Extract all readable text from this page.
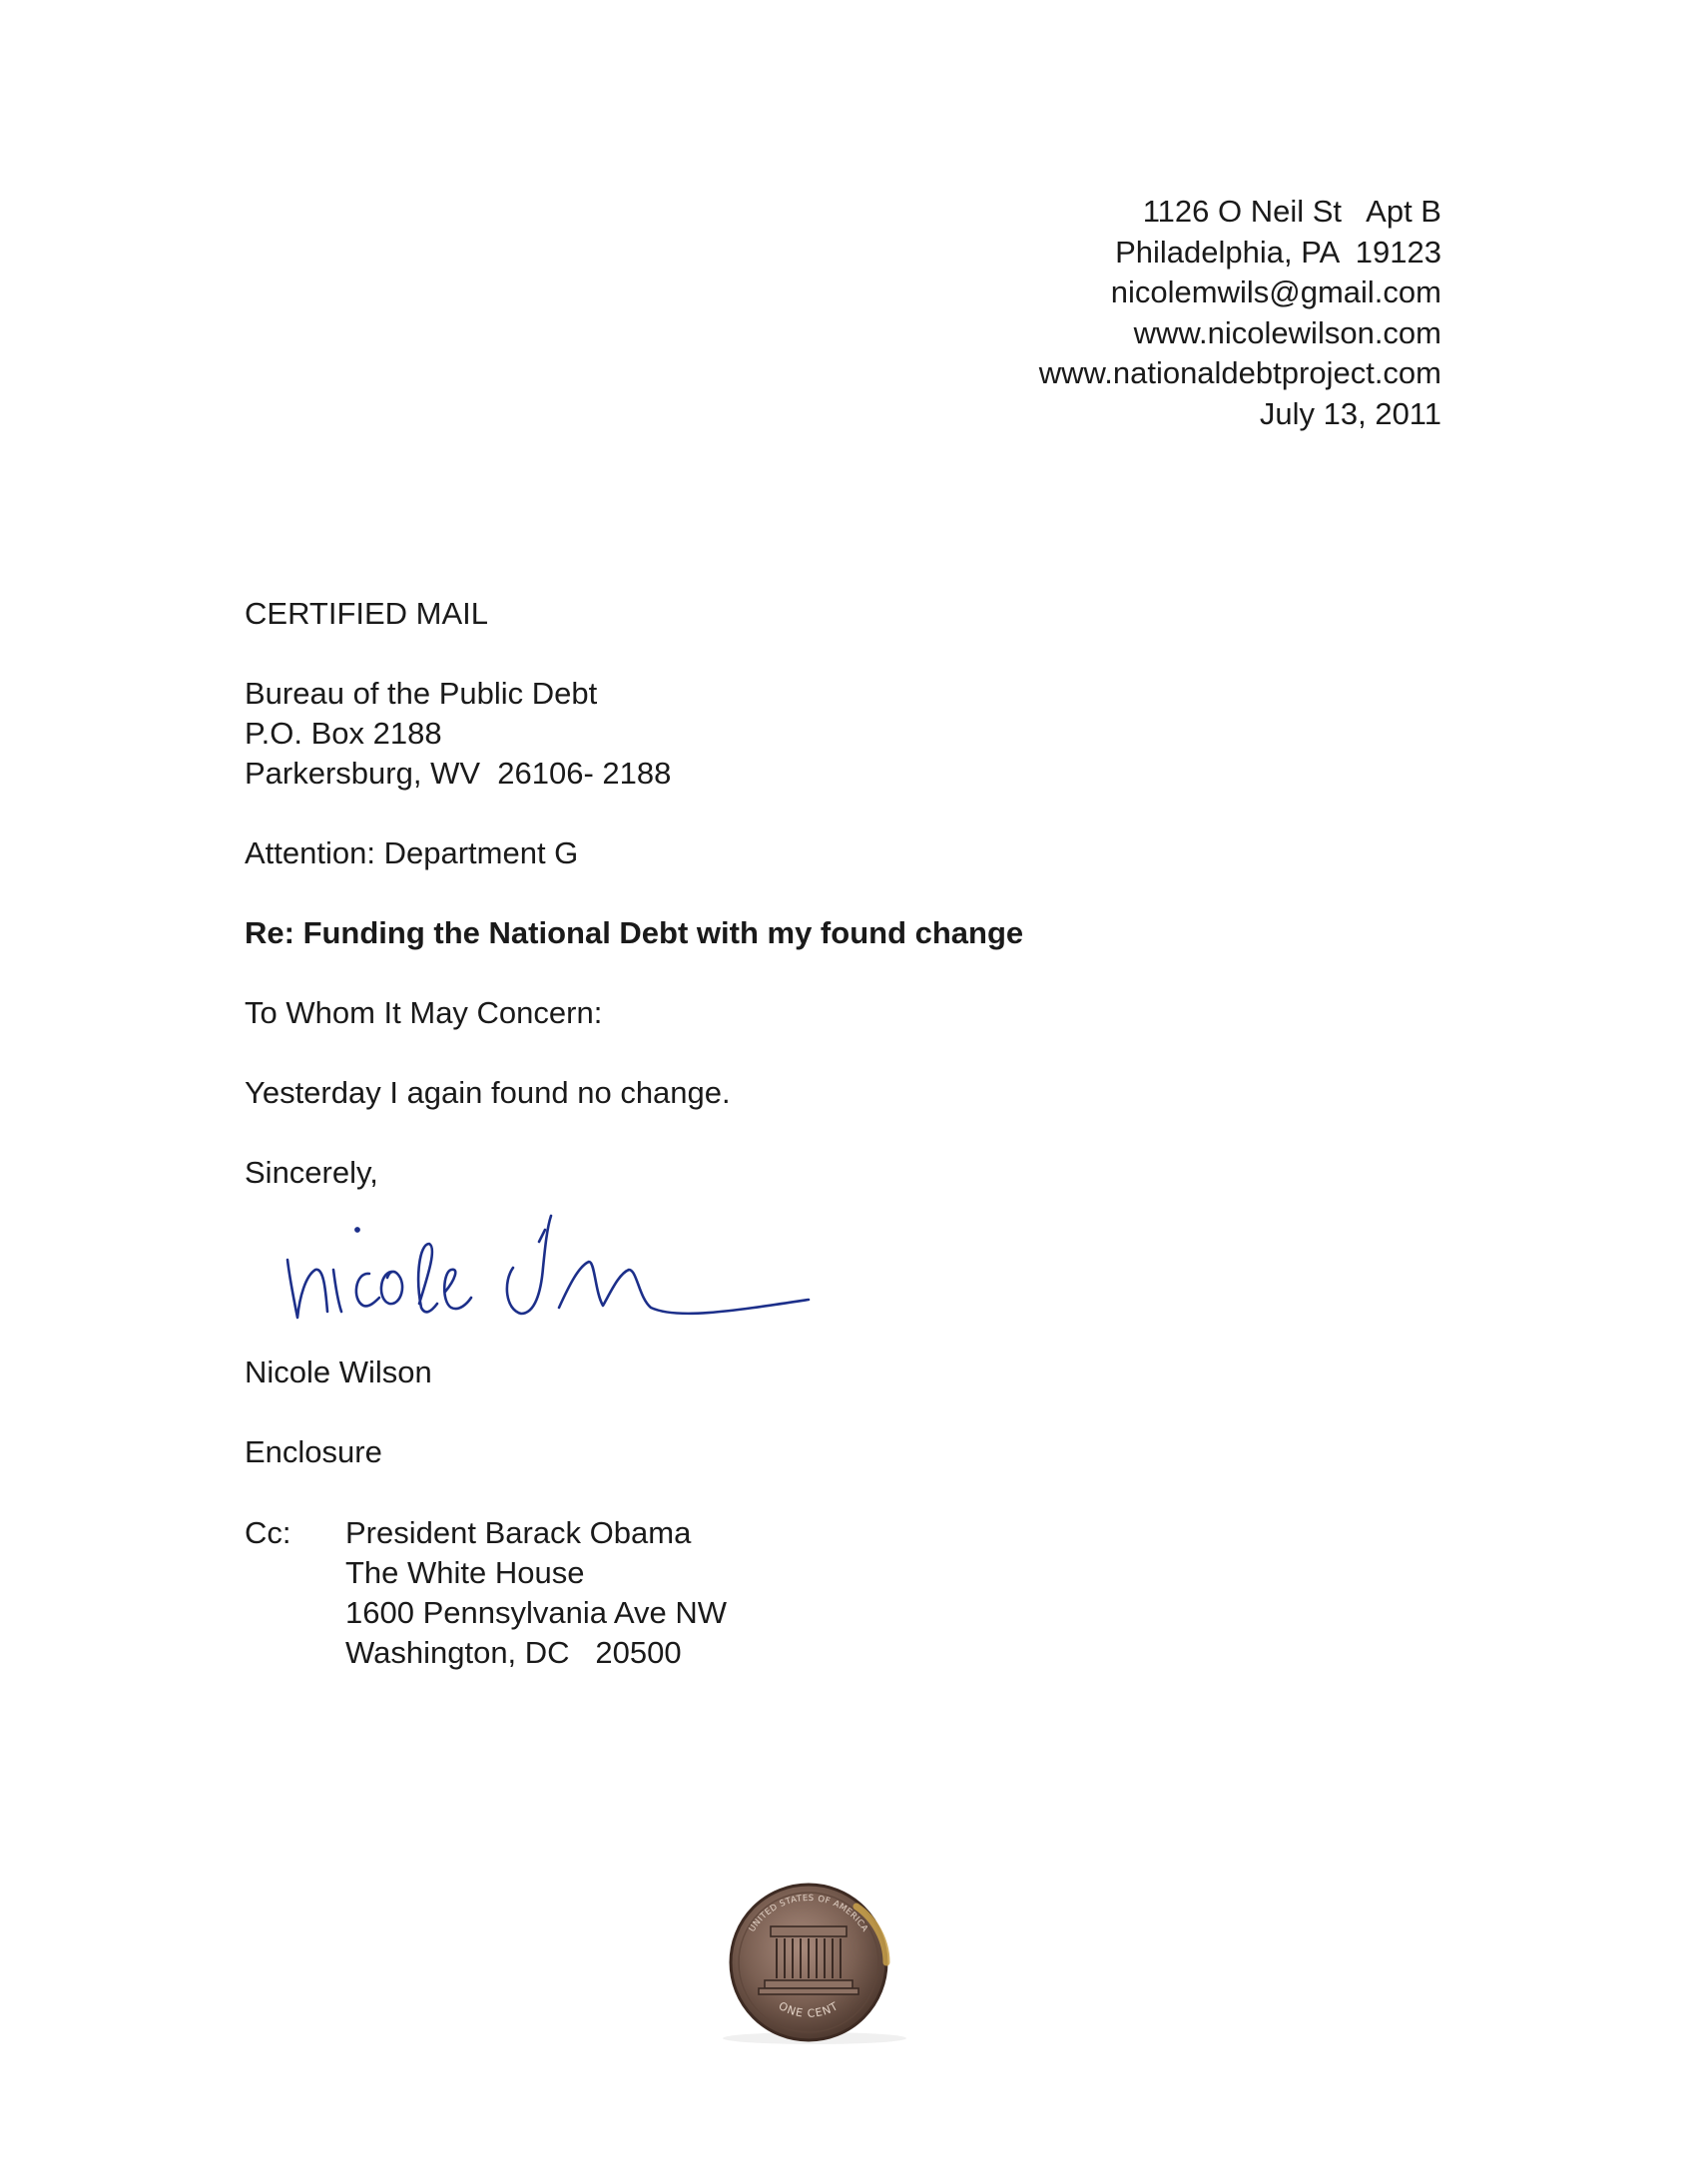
1126 O Neil St   Apt B
Philadelphia, PA  19123
nicolemwils@gmail.com
www.nicolewilson.com
www.nationaldebtproject.com
July 13, 2011
CERTIFIED MAIL
Bureau of the Public Debt
P.O. Box 2188
Parkersburg, WV  26106- 2188
Attention: Department G
Re: Funding the National Debt with my found change
To Whom It May Concern:
Yesterday I again found no change.
Sincerely,
Nicole Wilson
Enclosure
Cc: President Barack Obama
The White House
1600 Pennsylvania Ave NW
Washington, DC   20500
UNITED STATES OF AMERICA
ONE CENT
